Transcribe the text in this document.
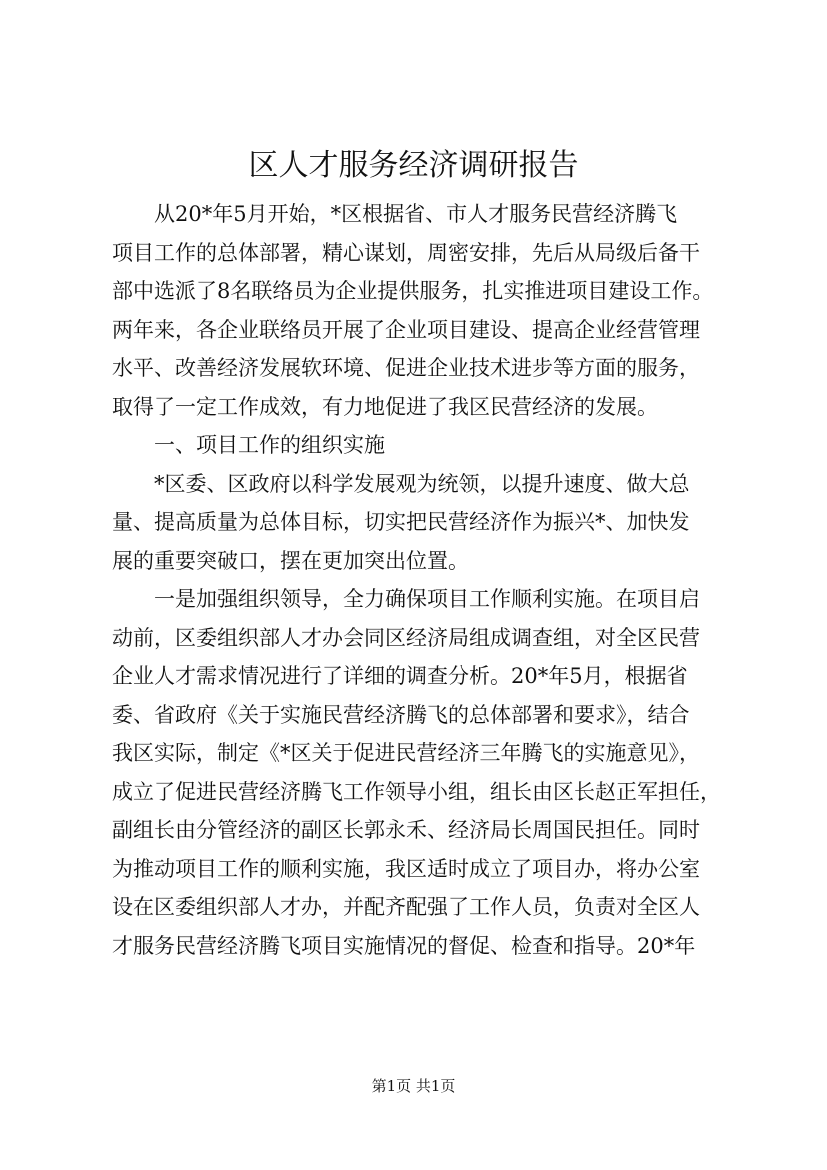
区人才服务经济调研报告
从20*年5月开始，*区根据省、市人才服务民营经济腾飞
项目工作的总体部署，精心谋划，周密安排，先后从局级后备干
部中选派了8名联络员为企业提供服务，扎实推进项目建设工作。
两年来，各企业联络员开展了企业项目建设、提高企业经营管理
水平、改善经济发展软环境、促进企业技术进步等方面的服务，
取得了一定工作成效，有力地促进了我区民营经济的发展。
一、项目工作的组织实施
*区委、区政府以科学发展观为统领，以提升速度、做大总
量、提高质量为总体目标，切实把民营经济作为振兴*、加快发
展的重要突破口，摆在更加突出位置。
一是加强组织领导，全力确保项目工作顺利实施。在项目启
动前，区委组织部人才办会同区经济局组成调查组，对全区民营
企业人才需求情况进行了详细的调查分析。20*年5月，根据省
委、省政府《关于实施民营经济腾飞的总体部署和要求》，结合
我区实际，制定《*区关于促进民营经济三年腾飞的实施意见》，
成立了促进民营经济腾飞工作领导小组，组长由区长赵正军担任，
副组长由分管经济的副区长郭永禾、经济局长周国民担任。同时
为推动项目工作的顺利实施，我区适时成立了项目办，将办公室
设在区委组织部人才办，并配齐配强了工作人员，负责对全区人
才服务民营经济腾飞项目实施情况的督促、检查和指导。20*年
第1页 共1页
